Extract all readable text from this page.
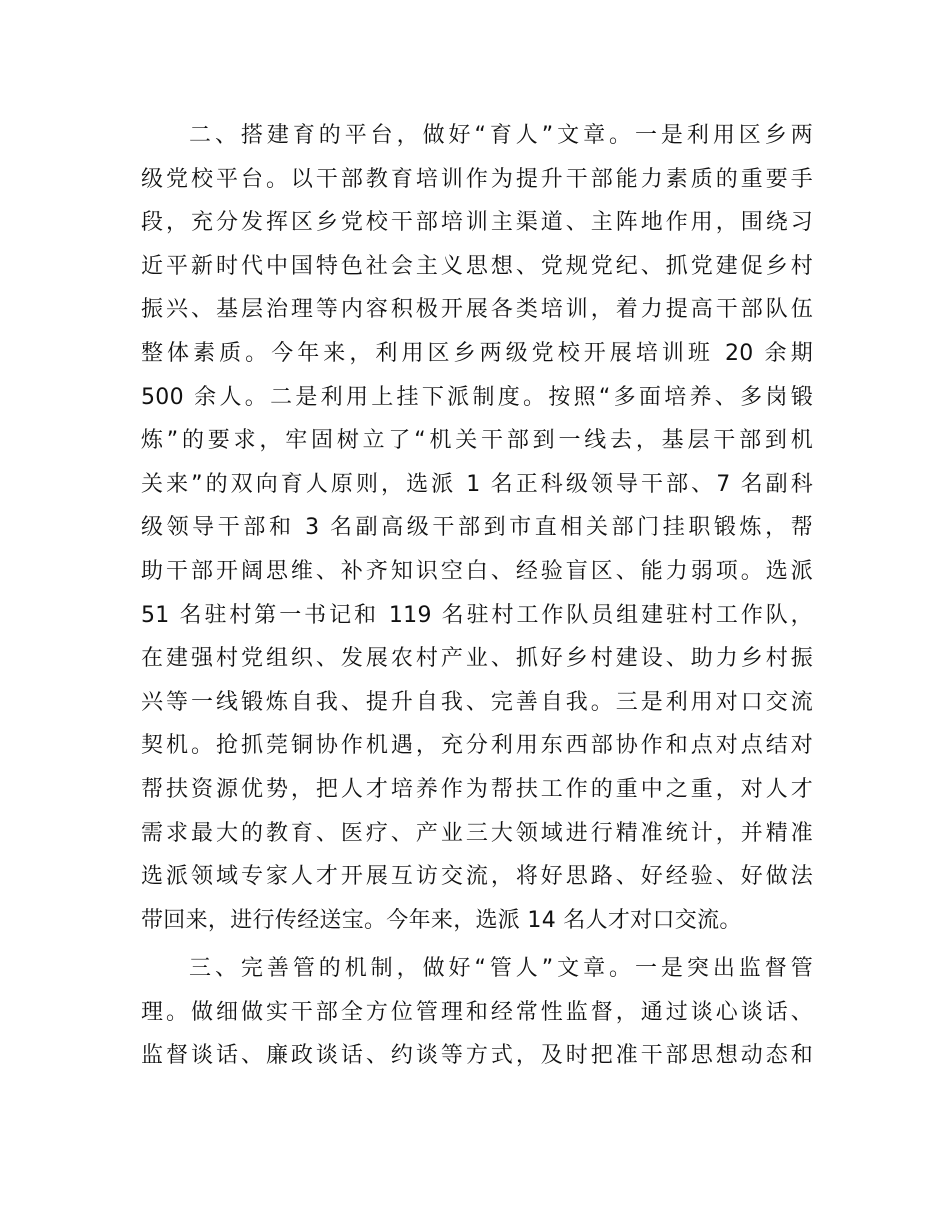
二、搭建育的平台，做好“育人”文章。一是利用区乡两
级党校平台。以干部教育培训作为提升干部能力素质的重要手
段，充分发挥区乡党校干部培训主渠道、主阵地作用，围绕习
近平新时代中国特色社会主义思想、党规党纪、抓党建促乡村
振兴、基层治理等内容积极开展各类培训，着力提高干部队伍
整体素质。今年来，利用区乡两级党校开展培训班 20 余期
500 余人。二是利用上挂下派制度。按照“多面培养、多岗锻
炼”的要求，牢固树立了“机关干部到一线去，基层干部到机
关来”的双向育人原则，选派 1 名正科级领导干部、7 名副科
级领导干部和 3 名副高级干部到市直相关部门挂职锻炼，帮
助干部开阔思维、补齐知识空白、经验盲区、能力弱项。选派
51 名驻村第一书记和 119 名驻村工作队员组建驻村工作队，
在建强村党组织、发展农村产业、抓好乡村建设、助力乡村振
兴等一线锻炼自我、提升自我、完善自我。三是利用对口交流
契机。抢抓莞铜协作机遇，充分利用东西部协作和点对点结对
帮扶资源优势，把人才培养作为帮扶工作的重中之重，对人才
需求最大的教育、医疗、产业三大领域进行精准统计，并精准
选派领域专家人才开展互访交流，将好思路、好经验、好做法
带回来，进行传经送宝。今年来，选派 14 名人才对口交流。

三、完善管的机制，做好“管人”文章。一是突出监督管
理。做细做实干部全方位管理和经常性监督，通过谈心谈话、
监督谈话、廉政谈话、约谈等方式，及时把准干部思想动态和
